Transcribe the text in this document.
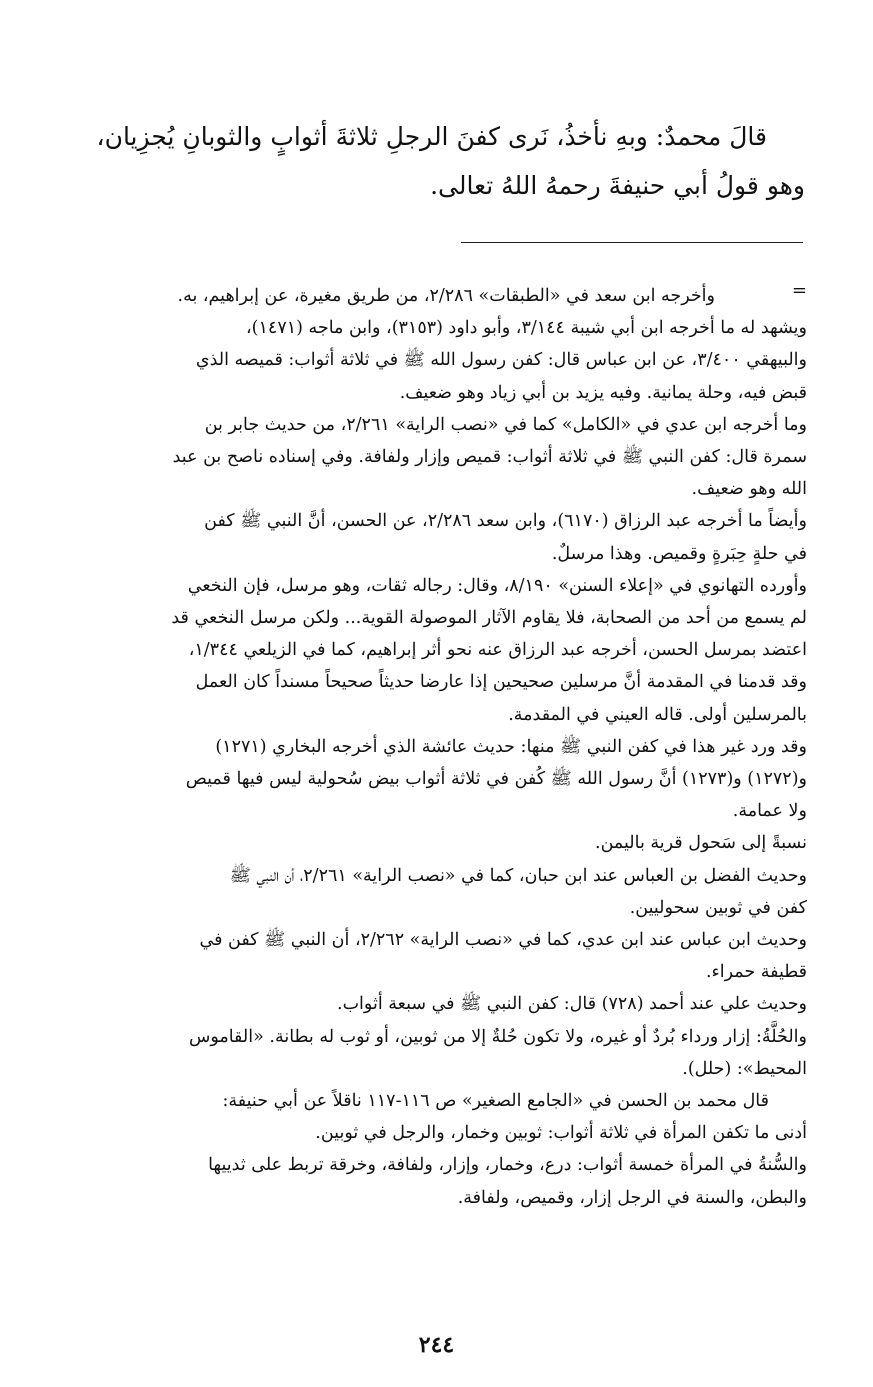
قالَ محمدٌ: وبهِ نأخذُ، نَرى كفنَ الرجلِ ثلاثةَ أثوابٍ والثوبانِ يُجزِيان،

وهو قولُ أبي حنيفةَ رحمهُ اللهُ تعالى.

=

وأخرجه ابن سعد في «الطبقات» ٢/٢٨٦، من طريق مغيرة، عن إبراهيم، به.

ويشهد له ما أخرجه ابن أبي شيبة ٣/١٤٤، وأبو داود (٣١٥٣)، وابن ماجه (١٤٧١)،

والبيهقي ٣/٤٠٠، عن ابن عباس قال: كفن رسول الله ﷺ في ثلاثة أثواب: قميصه الذي

قبض فيه، وحلة يمانية. وفيه يزيد بن أبي زياد وهو ضعيف.

وما أخرجه ابن عدي في «الكامل» كما في «نصب الراية» ٢/٢٦١، من حديث جابر بن

سمرة قال: كفن النبي ﷺ في ثلاثة أثواب: قميص وإزار ولفافة. وفي إسناده ناصح بن عبد

الله وهو ضعيف.

وأيضاً ما أخرجه عبد الرزاق (٦١٧٠)، وابن سعد ٢/٢٨٦، عن الحسن، أنَّ النبي ﷺ كفن

في حلةٍ حِبَرةٍ وقميص. وهذا مرسلٌ.

وأورده التهانوي في «إعلاء السنن» ٨/١٩٠، وقال: رجاله ثقات، وهو مرسل، فإن النخعي

لم يسمع من أحد من الصحابة، فلا يقاوم الآثار الموصولة القوية... ولكن مرسل النخعي قد

اعتضد بمرسل الحسن، أخرجه عبد الرزاق عنه نحو أثر إبراهيم، كما في الزيلعي ١/٣٤٤،

وقد قدمنا في المقدمة أنَّ مرسلين صحيحين إذا عارضا حديثاً صحيحاً مسنداً كان العمل

بالمرسلين أولى. قاله العيني في المقدمة.

وقد ورد غير هذا في كفن النبي ﷺ منها: حديث عائشة الذي أخرجه البخاري (١٢٧١)

و(١٢٧٢) و(١٢٧٣) أنَّ رسول الله ﷺ كُفن في ثلاثة أثواب بيض سُحولية ليس فيها قميص

ولا عمامة.

نسبةً إلى سَحول قرية باليمن.

وحديث الفضل بن العباس عند ابن حبان، كما في «نصب الراية» ٢/٢٦١، أن النبي ﷺ

كفن في ثوبين سحوليين.

وحديث ابن عباس عند ابن عدي، كما في «نصب الراية» ٢/٢٦٢، أن النبي ﷺ كفن في

قطيفة حمراء.

وحديث علي عند أحمد (٧٢٨) قال: كفن النبي ﷺ في سبعة أثواب.

والحُلَّةُ: إزار ورداء بُردٌ أو غيره، ولا تكون حُلةٌ إلا من ثوبين، أو ثوب له بطانة. «القاموس

المحيط»: (حلل).

قال محمد بن الحسن في «الجامع الصغير» ص ١١٦-١١٧ ناقلاً عن أبي حنيفة:

أدنى ما تكفن المرأة في ثلاثة أثواب: ثوبين وخمار، والرجل في ثوبين.

والسُّنةُ في المرأة خمسة أثواب: درع، وخمار، وإزار، ولفافة، وخرقة تربط على ثدييها

والبطن، والسنة في الرجل إزار، وقميص، ولفافة.

٢٤٤
